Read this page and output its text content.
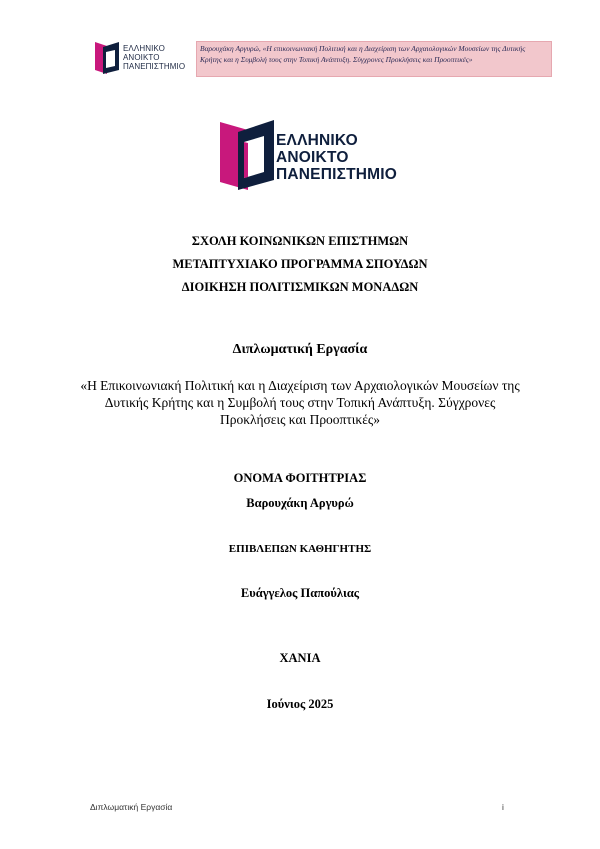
ΕΛΛΗΝΙΚΟ
ΑΝΟΙΚΤΟ
ΠΑΝΕΠΙΣΤΗΜΙΟ
Βαρουχάκη Αργυρώ, «Η επικοινωνιακή Πολιτική και η Διαχείριση των Αρχαιολογικών Μουσείων της Δυτικής Κρήτης και η Συμβολή τους στην Τοπική Ανάπτυξη. Σύγχρονες Προκλήσεις και Προοπτικές»
ΕΛΛΗΝΙΚΟ
ΑΝΟΙΚΤΟ
ΠΑΝΕΠΙΣΤΗΜΙΟ
ΣΧΟΛΗ ΚΟΙΝΩΝΙΚΩΝ ΕΠΙΣΤΗΜΩΝ
ΜΕΤΑΠΤΥΧΙΑΚΟ ΠΡΟΓΡΑΜΜΑ ΣΠΟΥΔΩΝ
ΔΙΟΙΚΗΣΗ ΠΟΛΙΤΙΣΜΙΚΩΝ ΜΟΝΑΔΩΝ
Διπλωματική Εργασία
«Η Επικοινωνιακή Πολιτική και η Διαχείριση των Αρχαιολογικών Μουσείων της Δυτικής Κρήτης και η Συμβολή τους στην Τοπική Ανάπτυξη. Σύγχρονες Προκλήσεις και Προοπτικές»
ΟΝΟΜΑ ΦΟΙΤΗΤΡΙΑΣ
Βαρουχάκη Αργυρώ
ΕΠΙΒΛΕΠΩΝ ΚΑΘΗΓΗΤΗΣ
Ευάγγελος Παπούλιας
ΧΑΝΙΑ
Ιούνιος 2025
Διπλωματική Εργασία	i
